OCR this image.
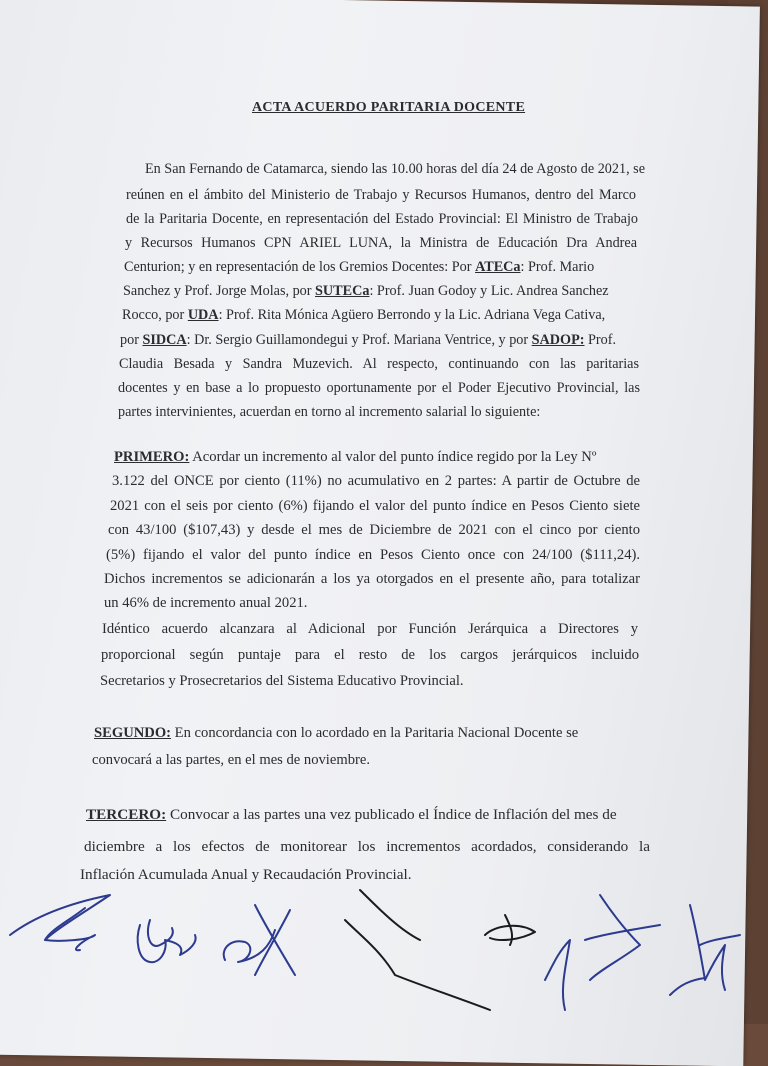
ACTA ACUERDO PARITARIA DOCENTE
En San Fernando de Catamarca, siendo las 10.00 horas del día 24 de Agosto de 2021, se
reúnen en el ámbito del Ministerio de Trabajo y Recursos Humanos, dentro del Marco
de la Paritaria Docente, en representación del Estado Provincial: El Ministro de Trabajo
y Recursos Humanos CPN ARIEL LUNA, la Ministra de Educación Dra Andrea
Centurion; y en representación de los Gremios Docentes: Por ATECa: Prof. Mario
Sanchez y Prof. Jorge Molas, por SUTECa: Prof. Juan Godoy y Lic. Andrea Sanchez
Rocco, por UDA: Prof. Rita Mónica Agüero Berrondo y la Lic. Adriana Vega Cativa,
por SIDCA: Dr. Sergio Guillamondegui y Prof. Mariana Ventrice, y por SADOP: Prof.
Claudia Besada y Sandra Muzevich. Al respecto, continuando con las paritarias
docentes y en base a lo propuesto oportunamente por el Poder Ejecutivo Provincial, las
partes intervinientes, acuerdan en torno al incremento salarial lo siguiente:
PRIMERO: Acordar un incremento al valor del punto índice regido por la Ley Nº
3.122 del ONCE por ciento (11%) no acumulativo en 2 partes: A partir de Octubre de
2021 con el seis por ciento (6%) fijando el valor del punto índice en Pesos Ciento siete
con 43/100 ($107,43) y desde el mes de Diciembre de 2021 con el cinco por ciento
(5%) fijando el valor del punto índice en Pesos Ciento once con 24/100 ($111,24).
Dichos incrementos se adicionarán a los ya otorgados en el presente año, para totalizar
un 46% de incremento anual 2021.
Idéntico acuerdo alcanzara al Adicional por Función Jerárquica a Directores y
proporcional según puntaje para el resto de los cargos jerárquicos incluido
Secretarios y Prosecretarios del Sistema Educativo Provincial.
SEGUNDO: En concordancia con lo acordado en la Paritaria Nacional Docente se
convocará a las partes, en el mes de noviembre.
TERCERO: Convocar a las partes una vez publicado el Índice de Inflación del mes de
diciembre a los efectos de monitorear los incrementos acordados, considerando la
Inflación Acumulada Anual y Recaudación Provincial.
